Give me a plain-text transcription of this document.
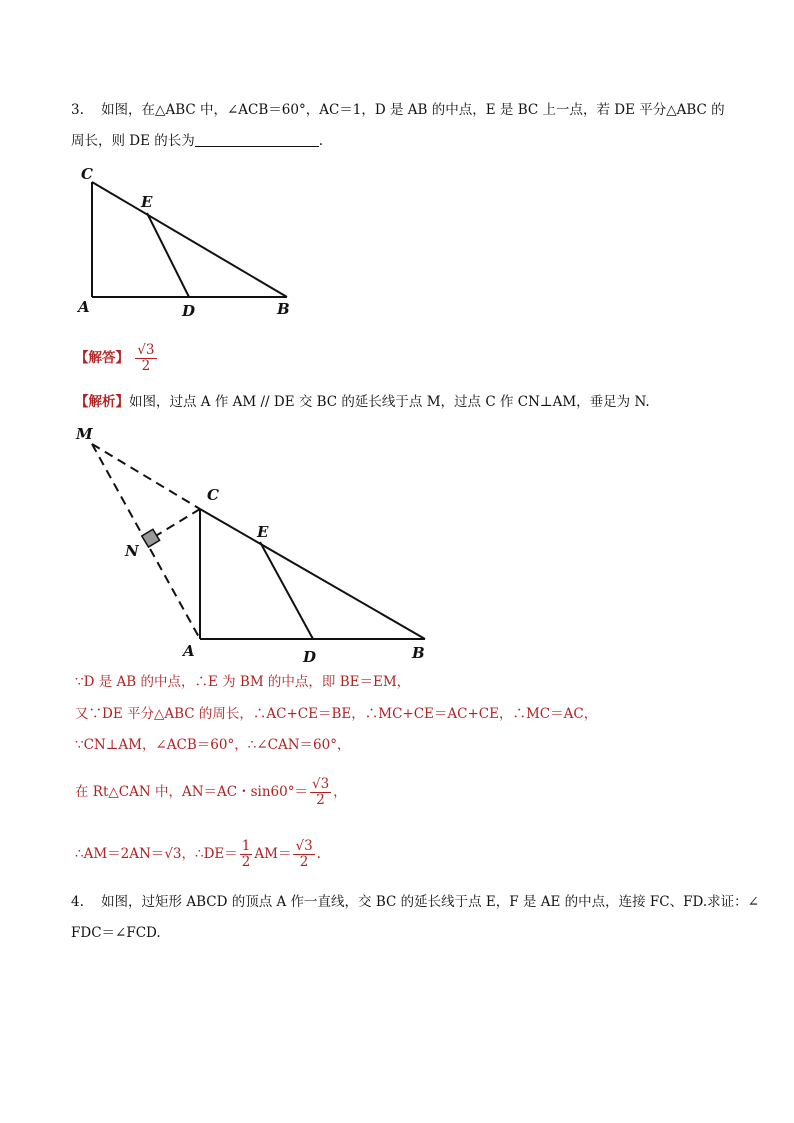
3. 如图，在△ABC 中，∠ACB＝60°，AC＝1，D 是 AB 的中点，E 是 BC 上一点，若 DE 平分△ABC 的
周长，则 DE 的长为	.
C
E
A	D	B
【解答】 $\frac{√3}{2}$
【解析】如图，过点 A 作 AM // DE 交 BC 的延长线于点 M，过点 C 作 CN⊥AM，垂足为 N.
M
C
E
N
A	D	B
∵D 是 AB 的中点，∴E 为 BM 的中点，即 BE＝EM，
又∵DE 平分△ABC 的周长，∴AC+CE＝BE，∴MC+CE＝AC+CE，∴MC＝AC，
∵CN⊥AM，∠ACB＝60°，∴∠CAN＝60°，
在 Rt△CAN 中，AN＝AC・$\sin 60^\circ= \frac{√3}{2}$ ，
∴AM＝2AN＝√3，∴DE＝ $\frac{1}{2} AM= \frac{√3}{2}$ .
4. 如图，过矩形 ABCD 的顶点 A 作一直线，交 BC 的延长线于点 E，F 是 AE 的中点，连接 FC、FD.求证：∠
FDC＝∠FCD.
